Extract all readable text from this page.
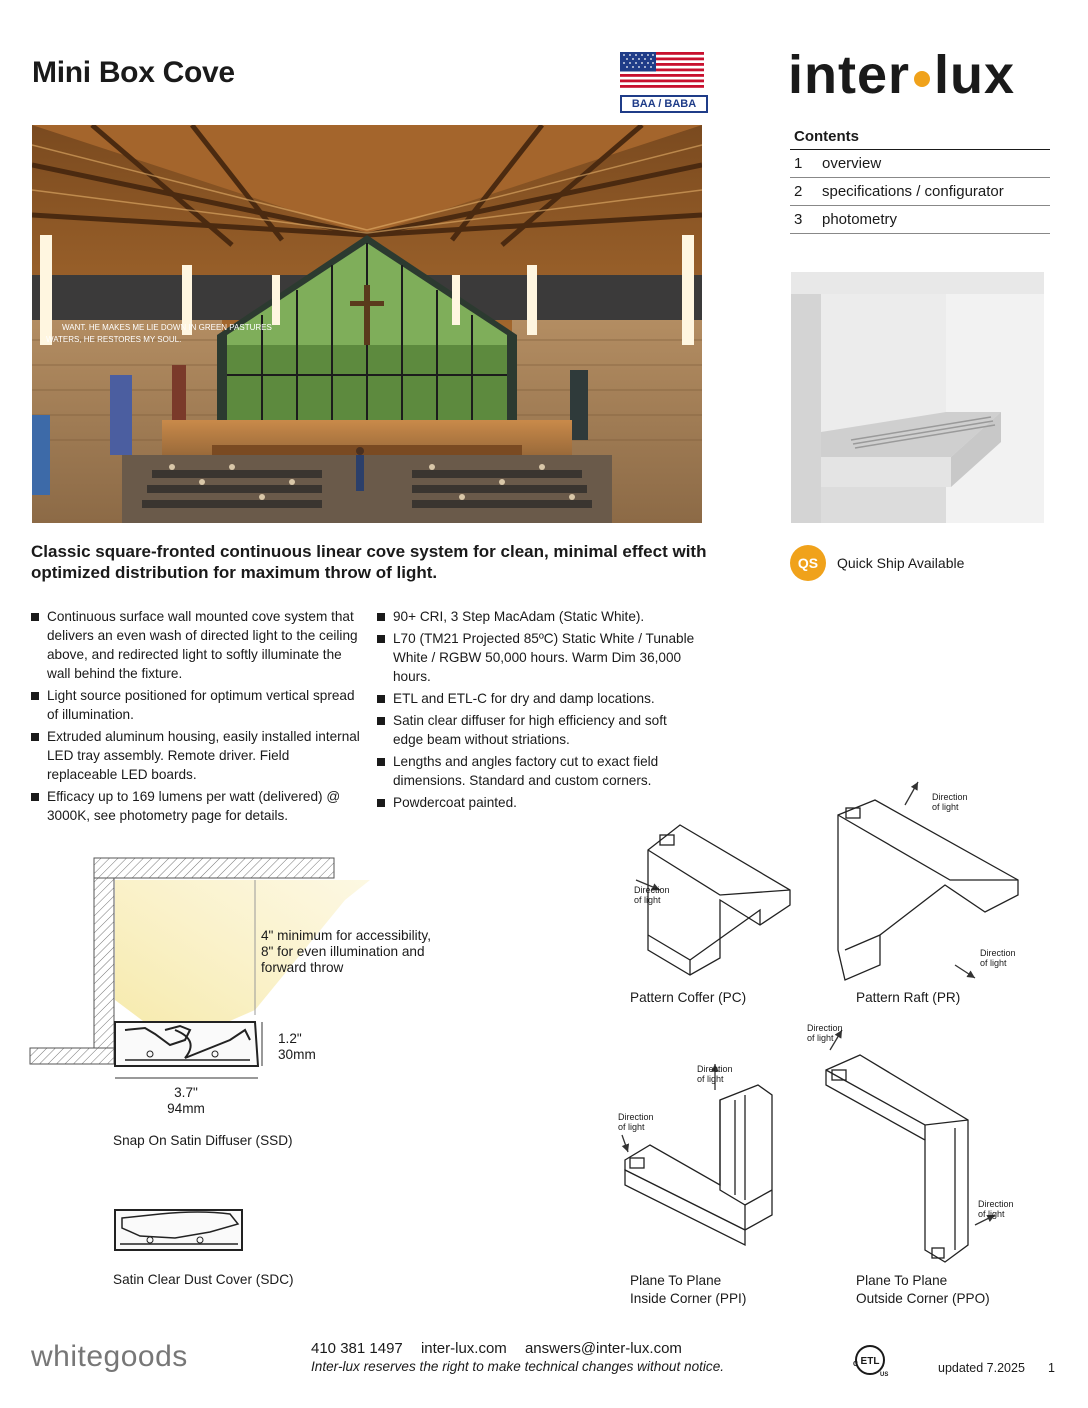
Mini Box Cove
BAA / BABA inter lux
WANT. HE MAKES ME LIE DOWN IN GREEN PASTURES
WATERS, HE RESTORES MY SOUL.
Contents
1	overview
2	specifications / configurator
3	photometry
Classic square-fronted continuous linear cove system for clean, minimal effect with optimized distribution for maximum throw of light.	QS	Quick Ship Available
Continuous surface wall mounted cove system that delivers an even wash of directed light to the ceiling above, and redirected light to softly illuminate the wall behind the fixture.
Light source positioned for optimum vertical spread of illumination.
Extruded aluminum housing, easily installed internal LED tray assembly. Remote driver. Field replaceable LED boards.
Efficacy up to 169 lumens per watt (delivered) @ 3000K, see photometry page for details.
90+ CRI, 3 Step MacAdam (Static White).
L70 (TM21 Projected 85ºC) Static White / Tunable White / RGBW 50,000 hours. Warm Dim 36,000 hours.
ETL and ETL-C for dry and damp locations.
Satin clear diffuser for high efficiency and soft edge beam without striations.
Lengths and angles factory cut to exact field dimensions. Standard and custom corners.
Powdercoat painted.
4" minimum for accessibility,
8" for even illumination and
forward throw
1.2"
30mm
3.7"
94mm
Snap On Satin Diffuser (SSD)
Satin Clear Dust Cover (SDC)
Direction
of light
Pattern Coffer (PC)
Direction
of light
Direction
of light
Pattern Raft (PR)
Direction
of light
Direction
of light
Plane To Plane
Inside Corner (PPI)
Direction
of light
Direction
of light
Plane To Plane
Outside Corner (PPO)
whitegoods	410 381 1497 inter-lux.com answers@inter-lux.com
Inter-lux reserves the right to make technical changes without notice.	ETL
C
US	updated 7.2025 1
